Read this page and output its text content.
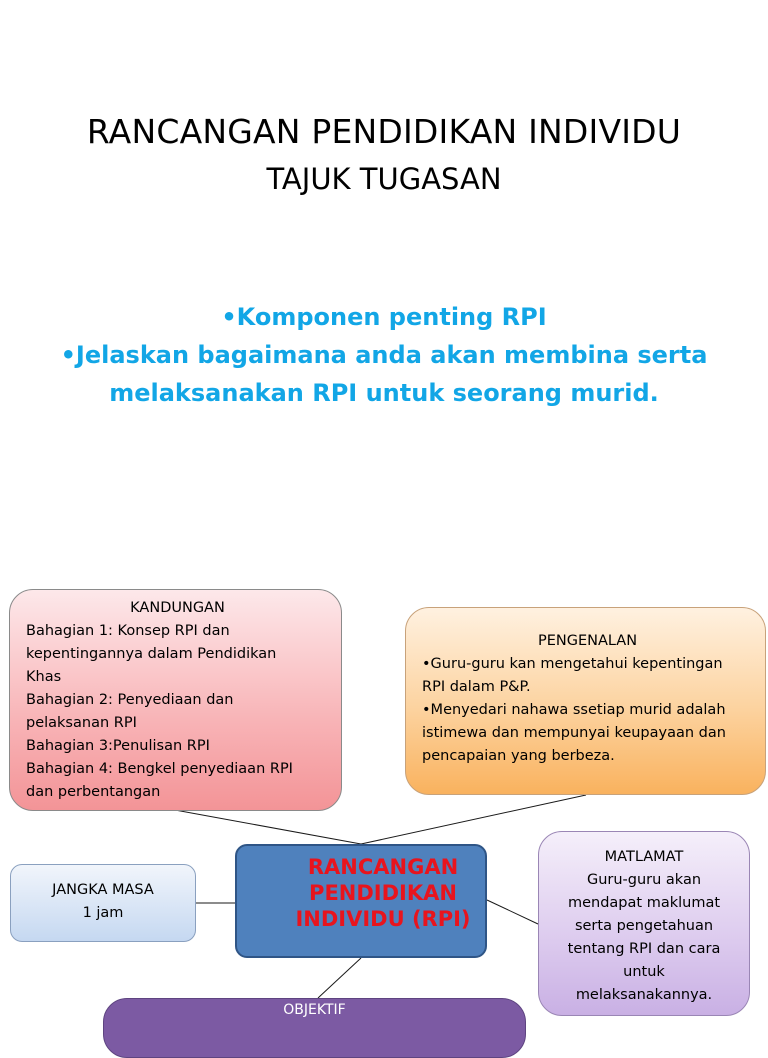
RANCANGAN PENDIDIKAN INDIVIDU
TAJUK TUGASAN
•Komponen penting RPI
•Jelaskan bagaimana anda akan membina serta
melaksanakan RPI untuk seorang murid.
KANDUNGAN
Bahagian 1: Konsep RPI dan
kepentingannya dalam Pendidikan
Khas
Bahagian 2: Penyediaan dan
pelaksanan RPI
Bahagian 3:Penulisan RPI
Bahagian 4: Bengkel penyediaan RPI
dan perbentangan
PENGENALAN
•Guru-guru kan mengetahui kepentingan
RPI dalam P&P.
•Menyedari nahawa ssetiap murid adalah
istimewa dan mempunyai keupayaan dan
pencapaian yang berbeza.
JANGKA MASA
1 jam
RANCANGAN
PENDIDIKAN
INDIVIDU (RPI)
MATLAMAT
Guru-guru akan
mendapat maklumat
serta pengetahuan
tentang RPI dan cara
untuk
melaksanakannya.
OBJEKTIF
